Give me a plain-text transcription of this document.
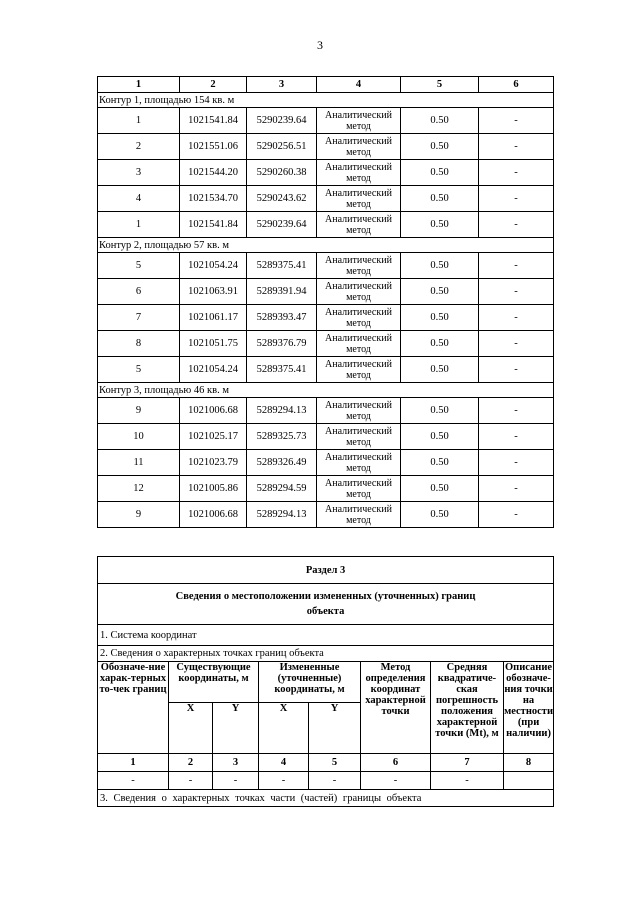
3
1	2	3	4	5	6
Контур 1, площадью 154 кв. м					
1	1021541.84	5290239.64	Аналитический метод	0.50	-
2	1021551.06	5290256.51	Аналитический метод	0.50	-
3	1021544.20	5290260.38	Аналитический метод	0.50	-
4	1021534.70	5290243.62	Аналитический метод	0.50	-
1	1021541.84	5290239.64	Аналитический метод	0.50	-
Контур 2, площадью 57 кв. м					
5	1021054.24	5289375.41	Аналитический метод	0.50	-
6	1021063.91	5289391.94	Аналитический метод	0.50	-
7	1021061.17	5289393.47	Аналитический метод	0.50	-
8	1021051.75	5289376.79	Аналитический метод	0.50	-
5	1021054.24	5289375.41	Аналитический метод	0.50	-
Контур 3, площадью 46 кв. м					
9	1021006.68	5289294.13	Аналитический метод	0.50	-
10	1021025.17	5289325.73	Аналитический метод	0.50	-
11	1021023.79	5289326.49	Аналитический метод	0.50	-
12	1021005.86	5289294.59	Аналитический метод	0.50	-
9	1021006.68	5289294.13	Аналитический метод	0.50	-
Раздел 3							

Сведения о местоположении измененных (уточненных) границ объекта							

1. Система координат							
2. Сведения о характерных точках границ объекта							
Обозначе-ние харак-терных то-чек границ	Существующие координаты, м		Измененные (уточненные) координаты, м		Метод определения координат характерной точки	Средняя квадратиче-ская погрешность положения характерной точки (Mt), м	Описание обозначе-ния точки на местности (при наличии)
	X	Y	X	Y			
1	2	3	4	5	6	7	8
-	-	-	-	-	-	-	
3. Сведения о характерных точках части (частей) границы объекта							
